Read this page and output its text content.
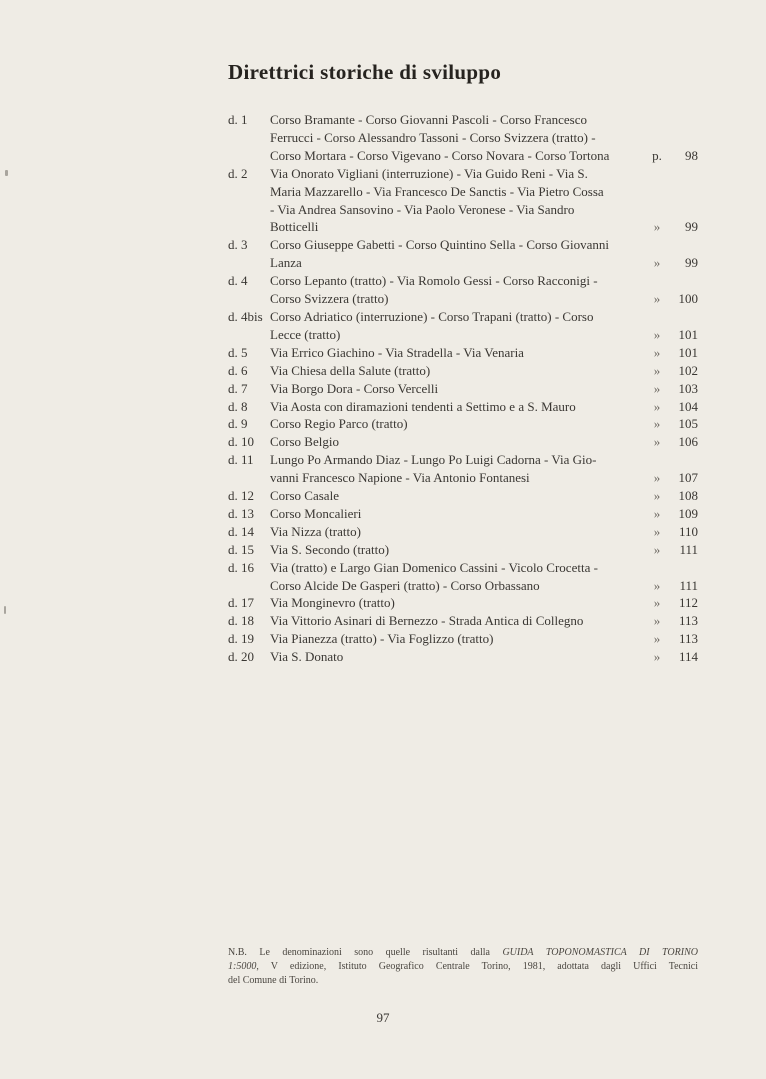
Direttrici storiche di sviluppo
d. 1	Corso Bramante - Corso Giovanni Pascoli - Corso Francesco
Ferrucci - Corso Alessandro Tassoni - Corso Svizzera (tratto) -
Corso Mortara - Corso Vigevano - Corso Novara - Corso Tortona	p.	98
d. 2	Via Onorato Vigliani (interruzione) - Via Guido Reni - Via S.
Maria Mazzarello - Via Francesco De Sanctis - Via Pietro Cossa
- Via Andrea Sansovino - Via Paolo Veronese - Via Sandro
Botticelli	»	99
d. 3	Corso Giuseppe Gabetti - Corso Quintino Sella - Corso Giovanni
Lanza	»	99
d. 4	Corso Lepanto (tratto) - Via Romolo Gessi - Corso Racconigi -
Corso Svizzera (tratto)	»	100
d. 4bis Corso Adriatico (interruzione) - Corso Trapani (tratto) - Corso
Lecce (tratto)	»	101
d. 5	Via Errico Giachino - Via Stradella - Via Venaria	»	101
d. 6	Via Chiesa della Salute (tratto)	»	102
d. 7	Via Borgo Dora - Corso Vercelli	»	103
d. 8	Via Aosta con diramazioni tendenti a Settimo e a S. Mauro	»	104
d. 9	Corso Regio Parco (tratto)	»	105
d. 10	Corso Belgio	»	106
d. 11	Lungo Po Armando Diaz - Lungo Po Luigi Cadorna - Via Gio-
vanni Francesco Napione - Via Antonio Fontanesi	»	107
d. 12	Corso Casale	»	108
d. 13	Corso Moncalieri	»	109
d. 14	Via Nizza (tratto)	»	110
d. 15	Via S. Secondo (tratto)	»	111
d. 16	Via (tratto) e Largo Gian Domenico Cassini - Vicolo Crocetta -
Corso Alcide De Gasperi (tratto) - Corso Orbassano	»	111
d. 17	Via Monginevro (tratto)	»	112
d. 18	Via Vittorio Asinari di Bernezzo - Strada Antica di Collegno	»	113
d. 19	Via Pianezza (tratto) - Via Foglizzo (tratto)	»	113
d. 20	Via S. Donato	»	114
N.B. Le denominazioni sono quelle risultanti dalla GUIDA TOPONOMASTICA DI TORINO
1:5000, V edizione, Istituto Geografico Centrale Torino, 1981, adottata dagli Uffici Tecnici
del Comune di Torino.
97
